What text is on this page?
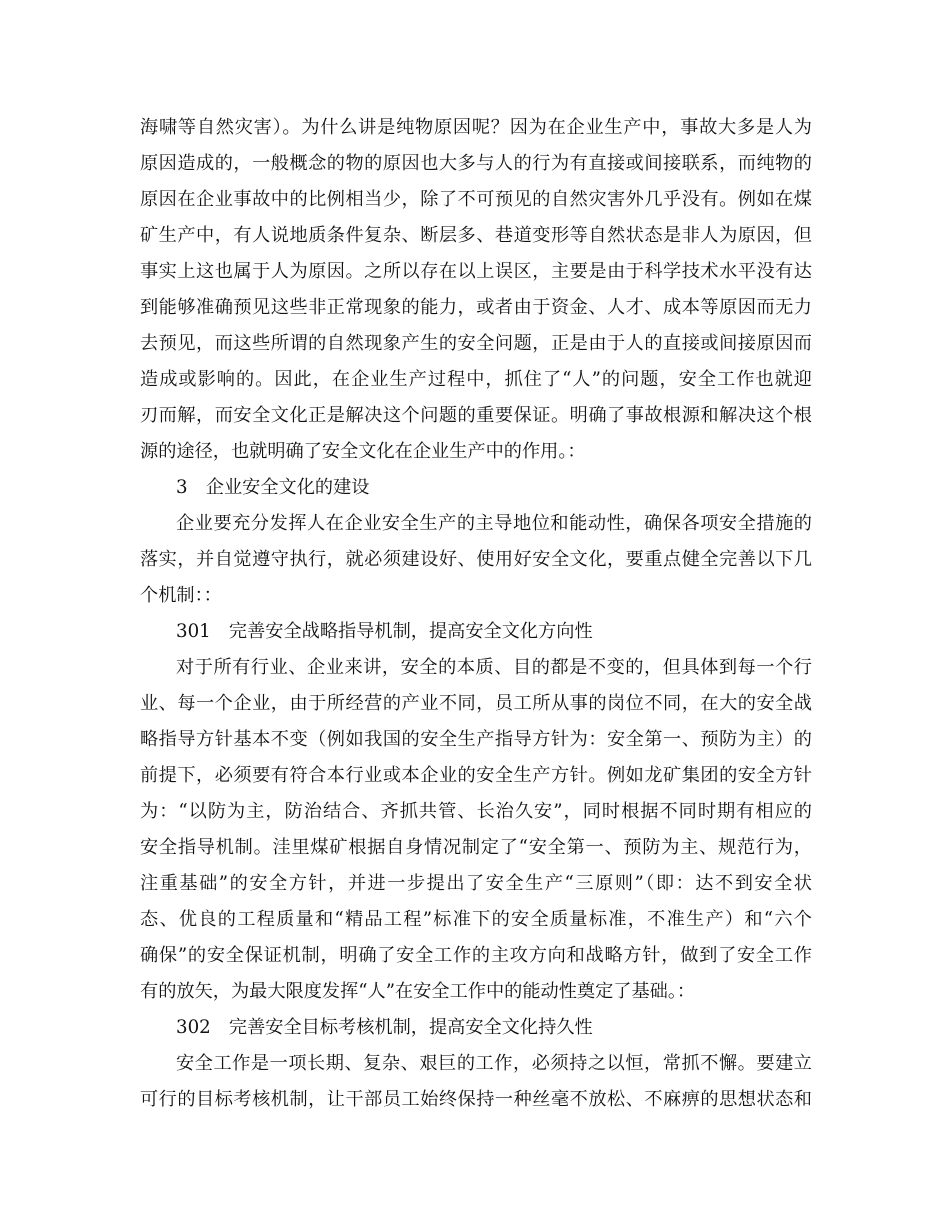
海啸等自然灾害）。为什么讲是纯物原因呢？因为在企业生产中，事故大多是人为
原因造成的，一般概念的物的原因也大多与人的行为有直接或间接联系，而纯物的
原因在企业事故中的比例相当少，除了不可预见的自然灾害外几乎没有。例如在煤
矿生产中，有人说地质条件复杂、断层多、巷道变形等自然状态是非人为原因，但
事实上这也属于人为原因。之所以存在以上误区，主要是由于科学技术水平没有达
到能够准确预见这些非正常现象的能力，或者由于资金、人才、成本等原因而无力
去预见，而这些所谓的自然现象产生的安全问题，正是由于人的直接或间接原因而
造成或影响的。因此，在企业生产过程中，抓住了“人”的问题，安全工作也就迎
刃而解，而安全文化正是解决这个问题的重要保证。明确了事故根源和解决这个根
源的途径，也就明确了安全文化在企业生产中的作用。：
3　企业安全文化的建设
企业要充分发挥人在企业安全生产的主导地位和能动性，确保各项安全措施的
落实，并自觉遵守执行，就必须建设好、使用好安全文化，要重点健全完善以下几
个机制：：
301　完善安全战略指导机制，提高安全文化方向性
对于所有行业、企业来讲，安全的本质、目的都是不变的，但具体到每一个行
业、每一个企业，由于所经营的产业不同，员工所从事的岗位不同，在大的安全战
略指导方针基本不变（例如我国的安全生产指导方针为：安全第一、预防为主）的
前提下，必须要有符合本行业或本企业的安全生产方针。例如龙矿集团的安全方针
为：“以防为主，防治结合、齐抓共管、长治久安”，同时根据不同时期有相应的
安全指导机制。洼里煤矿根据自身情况制定了“安全第一、预防为主、规范行为，
注重基础”的安全方针，并进一步提出了安全生产“三原则”（即：达不到安全状
态、优良的工程质量和“精品工程”标准下的安全质量标准，不准生产）和“六个
确保”的安全保证机制，明确了安全工作的主攻方向和战略方针，做到了安全工作
有的放矢，为最大限度发挥“人”在安全工作中的能动性奠定了基础。：
302　完善安全目标考核机制，提高安全文化持久性
安全工作是一项长期、复杂、艰巨的工作，必须持之以恒，常抓不懈。要建立
可行的目标考核机制，让干部员工始终保持一种丝毫不放松、不麻痹的思想状态和
